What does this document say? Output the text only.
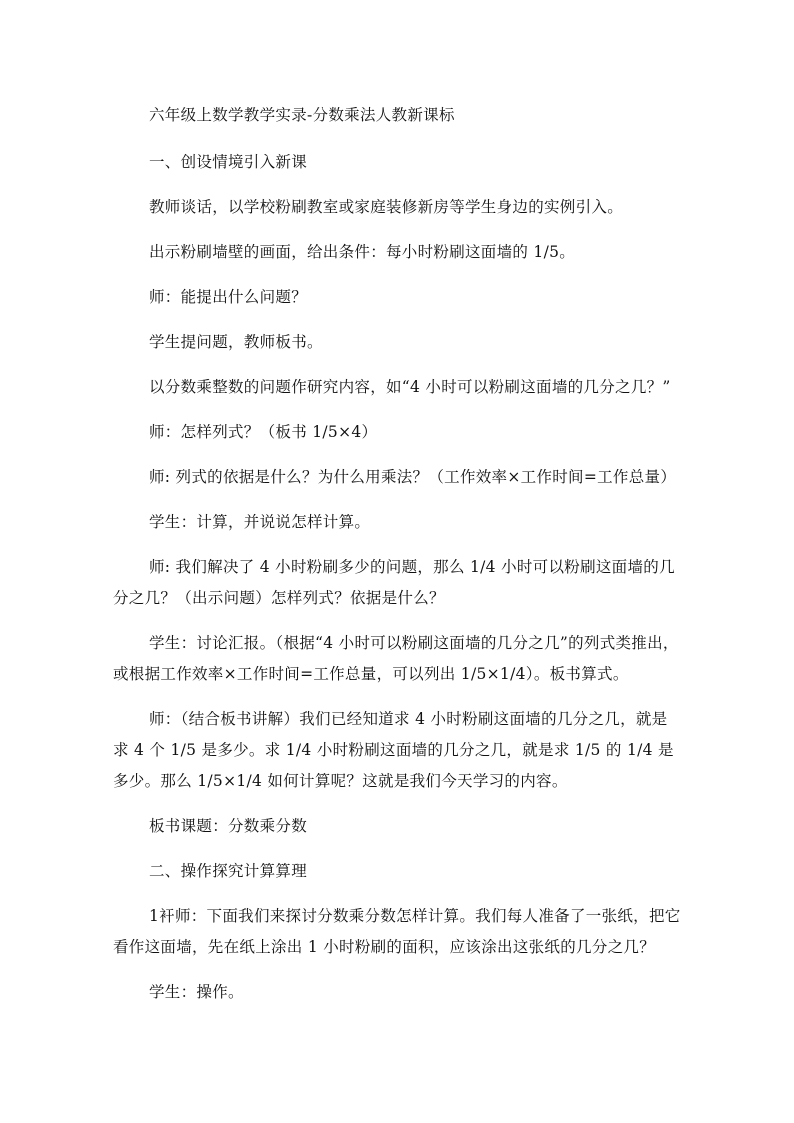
六年级上数学教学实录-分数乘法人教新课标

一、创设情境引入新课

教师谈话，以学校粉刷教室或家庭装修新房等学生身边的实例引入。

出示粉刷墙壁的画面，给出条件：每小时粉刷这面墙的 1/5。

师：能提出什么问题？

学生提问题，教师板书。

以分数乘整数的问题作研究内容，如“4 小时可以粉刷这面墙的几分之几？”

师：怎样列式？（板书 1/5×4）

师: 列式的依据是什么？为什么用乘法？（工作效率×工作时间=工作总量）

学生：计算，并说说怎样计算。

师: 我们解决了 4 小时粉刷多少的问题，那么 1/4 小时可以粉刷这面墙的几分之几？（出示问题）怎样列式？依据是什么？

学生：讨论汇报。（根据“4 小时可以粉刷这面墙的几分之几”的列式类推出，或根据工作效率×工作时间=工作总量，可以列出 1/5×1/4）。板书算式。

师：（结合板书讲解）我们已经知道求 4 小时粉刷这面墙的几分之几，就是求 4 个 1/5 是多少。求 1/4 小时粉刷这面墙的几分之几，就是求 1/5 的 1/4 是多少。那么 1/5×1/4 如何计算呢？这就是我们今天学习的内容。

板书课题：分数乘分数

二、操作探究计算算理

1衦师：下面我们来探讨分数乘分数怎样计算。我们每人准备了一张纸，把它看作这面墙，先在纸上涂出 1 小时粉刷的面积，应该涂出这张纸的几分之几？

学生：操作。
